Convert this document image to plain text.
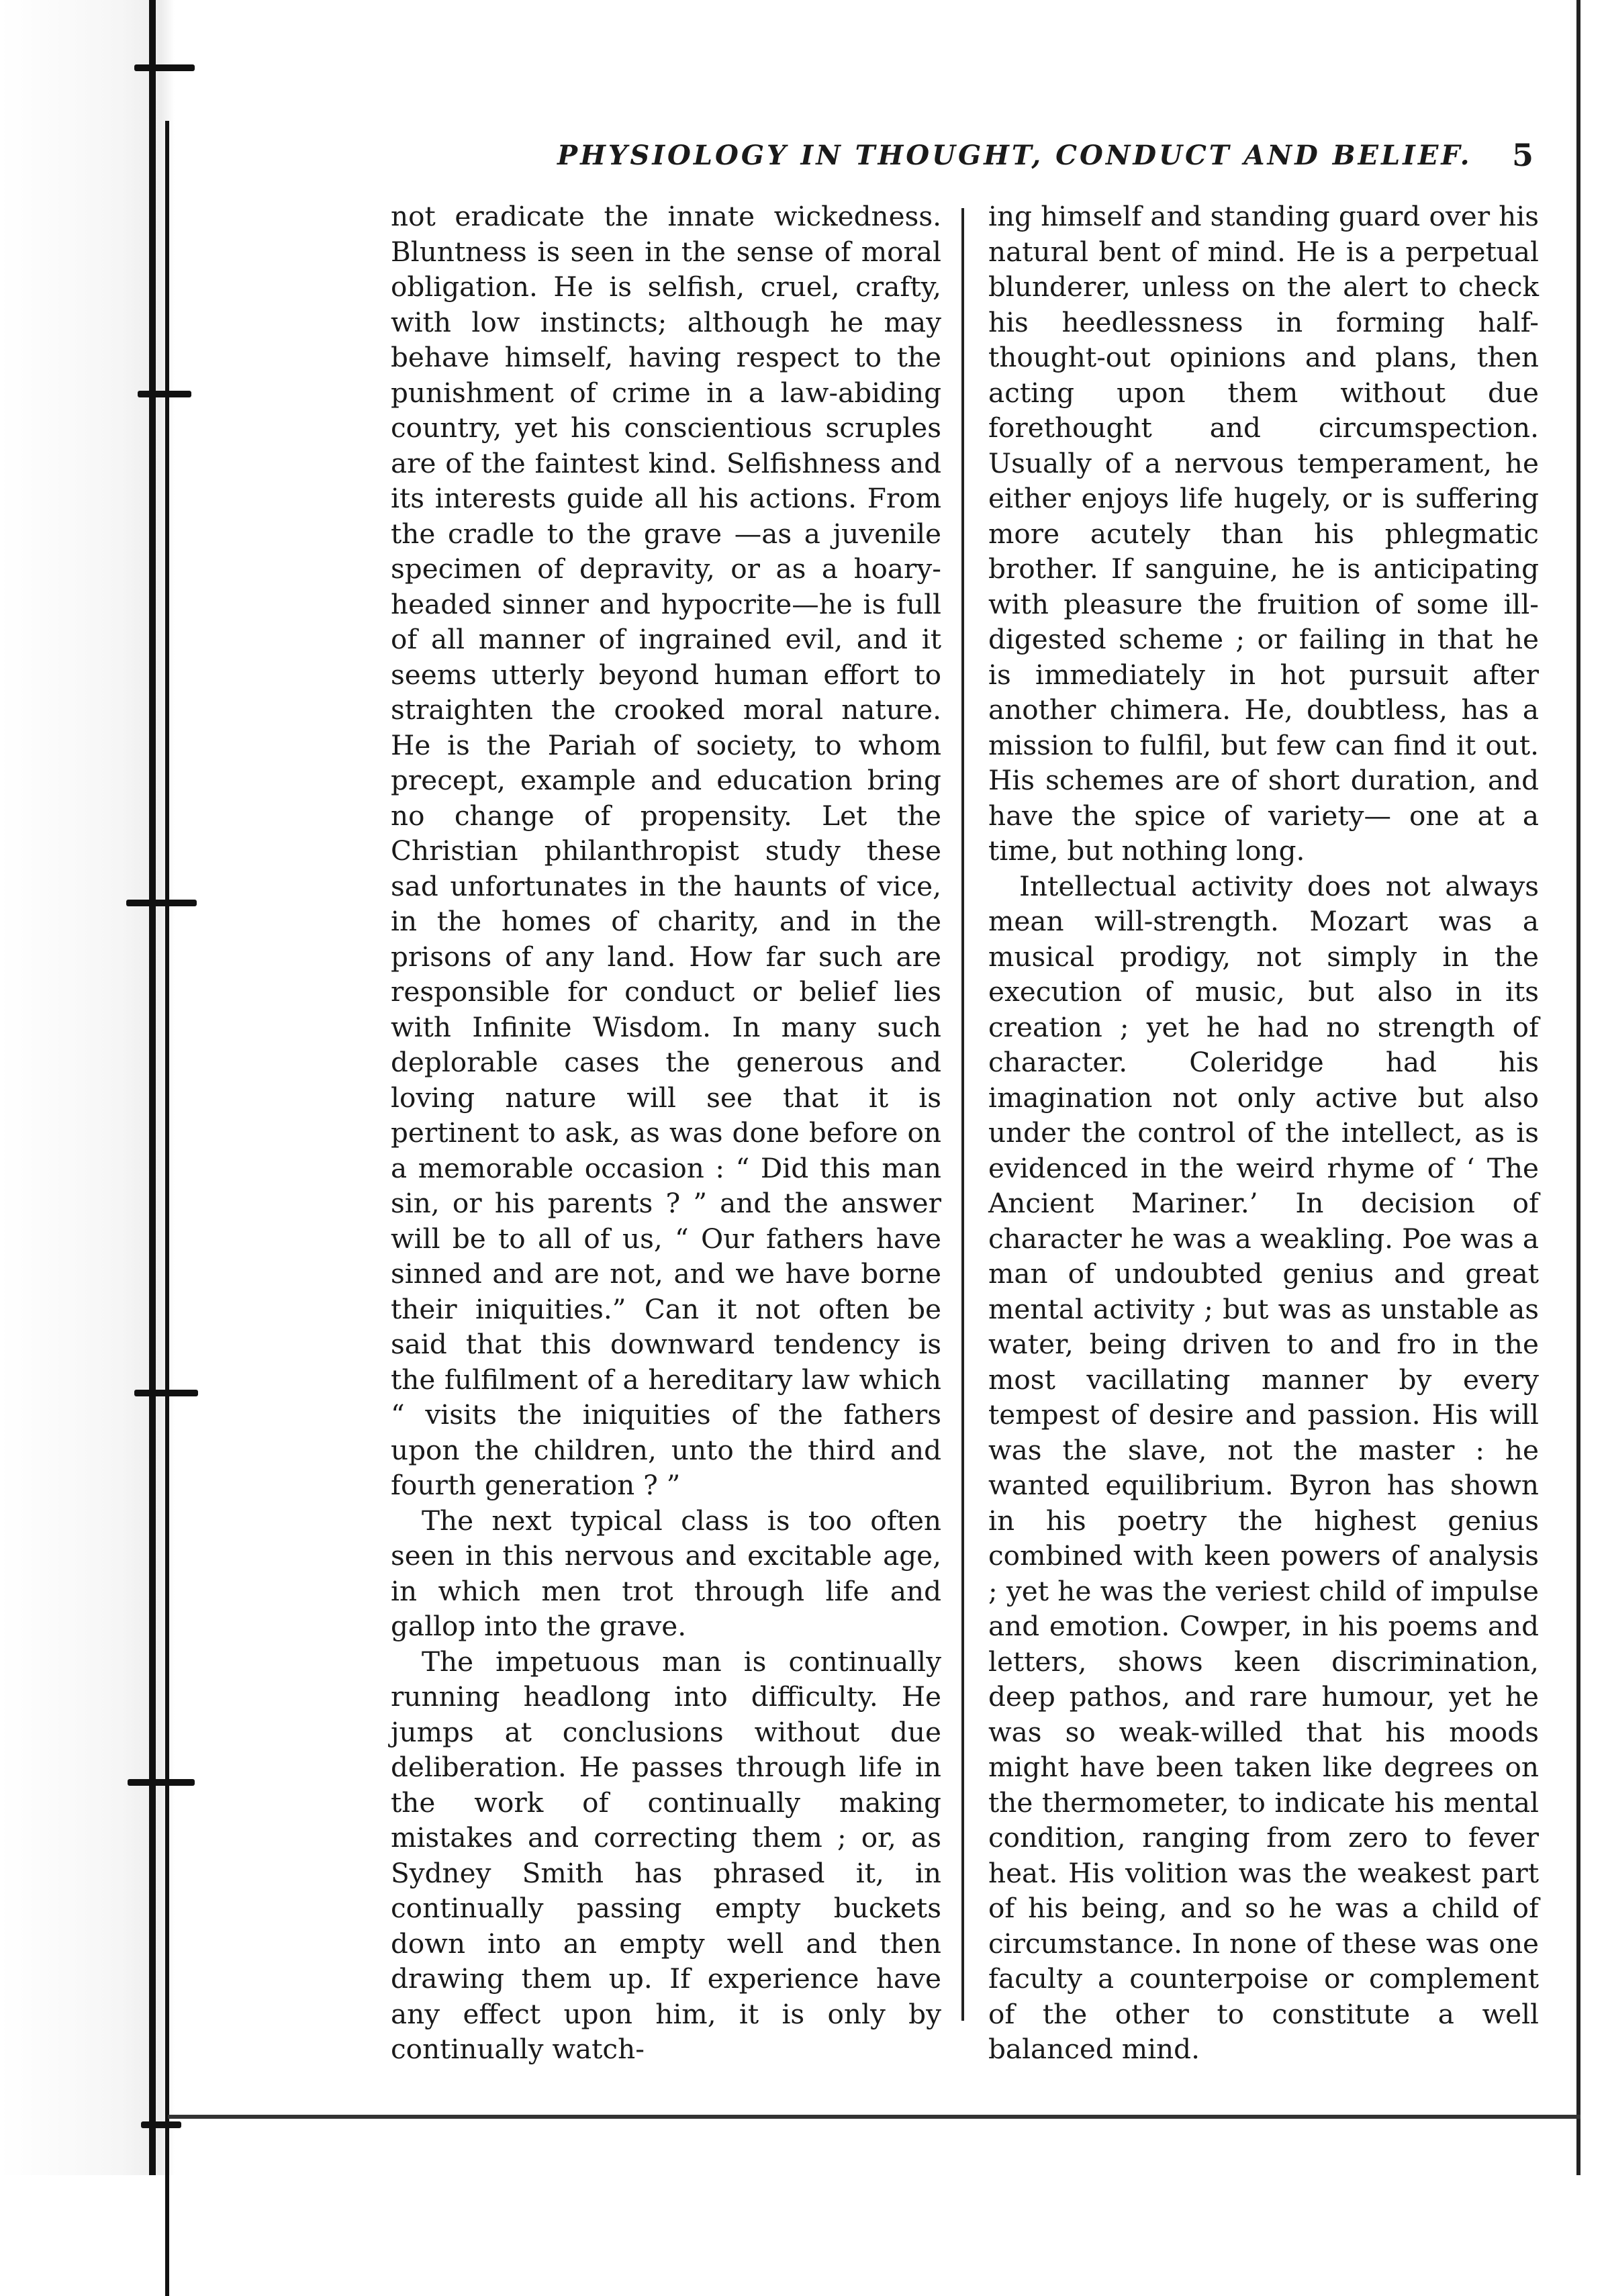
PHYSIOLOGY IN THOUGHT, CONDUCT AND BELIEF. 5

not eradicate the innate wickedness. Bluntness is seen in the sense of moral obligation. He is selfish, cruel, crafty, with low instincts; although he may behave himself, having respect to the punishment of crime in a law-abiding country, yet his conscientious scruples are of the faintest kind. Selfishness and its interests guide all his actions. From the cradle to the grave —as a juvenile specimen of depravity, or as a hoary-headed sinner and hypocrite—he is full of all manner of ingrained evil, and it seems utterly beyond human effort to straighten the crooked moral nature. He is the Pariah of society, to whom precept, example and education bring no change of propensity. Let the Christian philanthropist study these sad unfortunates in the haunts of vice, in the homes of charity, and in the prisons of any land. How far such are responsible for conduct or belief lies with Infinite Wisdom. In many such deplorable cases the generous and loving nature will see that it is pertinent to ask, as was done before on a memorable occasion : “ Did this man sin, or his parents ? ” and the answer will be to all of us, “ Our fathers have sinned and are not, and we have borne their iniquities.” Can it not often be said that this downward tendency is the fulfilment of a hereditary law which “ visits the iniquities of the fathers upon the children, unto the third and fourth generation ? ”

The next typical class is too often seen in this nervous and excitable age, in which men trot through life and gallop into the grave.

The impetuous man is continually running headlong into difficulty. He jumps at conclusions without due deliberation. He passes through life in the work of continually making mistakes and correcting them ; or, as Sydney Smith has phrased it, in continually passing empty buckets down into an empty well and then drawing them up. If experience have any effect upon him, it is only by continually watch-

ing himself and standing guard over his natural bent of mind. He is a perpetual blunderer, unless on the alert to check his heedlessness in forming half-thought-out opinions and plans, then acting upon them without due forethought and circumspection. Usually of a nervous temperament, he either enjoys life hugely, or is suffering more acutely than his phlegmatic brother. If sanguine, he is anticipating with pleasure the fruition of some ill-digested scheme ; or failing in that he is immediately in hot pursuit after another chimera. He, doubtless, has a mission to fulfil, but few can find it out. His schemes are of short duration, and have the spice of variety— one at a time, but nothing long.

Intellectual activity does not always mean will-strength. Mozart was a musical prodigy, not simply in the execution of music, but also in its creation ; yet he had no strength of character. Coleridge had his imagination not only active but also under the control of the intellect, as is evidenced in the weird rhyme of ‘ The Ancient Mariner.’ In decision of character he was a weakling. Poe was a man of undoubted genius and great mental activity ; but was as unstable as water, being driven to and fro in the most vacillating manner by every tempest of desire and passion. His will was the slave, not the master : he wanted equilibrium. Byron has shown in his poetry the highest genius combined with keen powers of analysis ; yet he was the veriest child of impulse and emotion. Cowper, in his poems and letters, shows keen discrimination, deep pathos, and rare humour, yet he was so weak-willed that his moods might have been taken like degrees on the thermometer, to indicate his mental condition, ranging from zero to fever heat. His volition was the weakest part of his being, and so he was a child of circumstance. In none of these was one faculty a counterpoise or complement of the other to constitute a well balanced mind.
